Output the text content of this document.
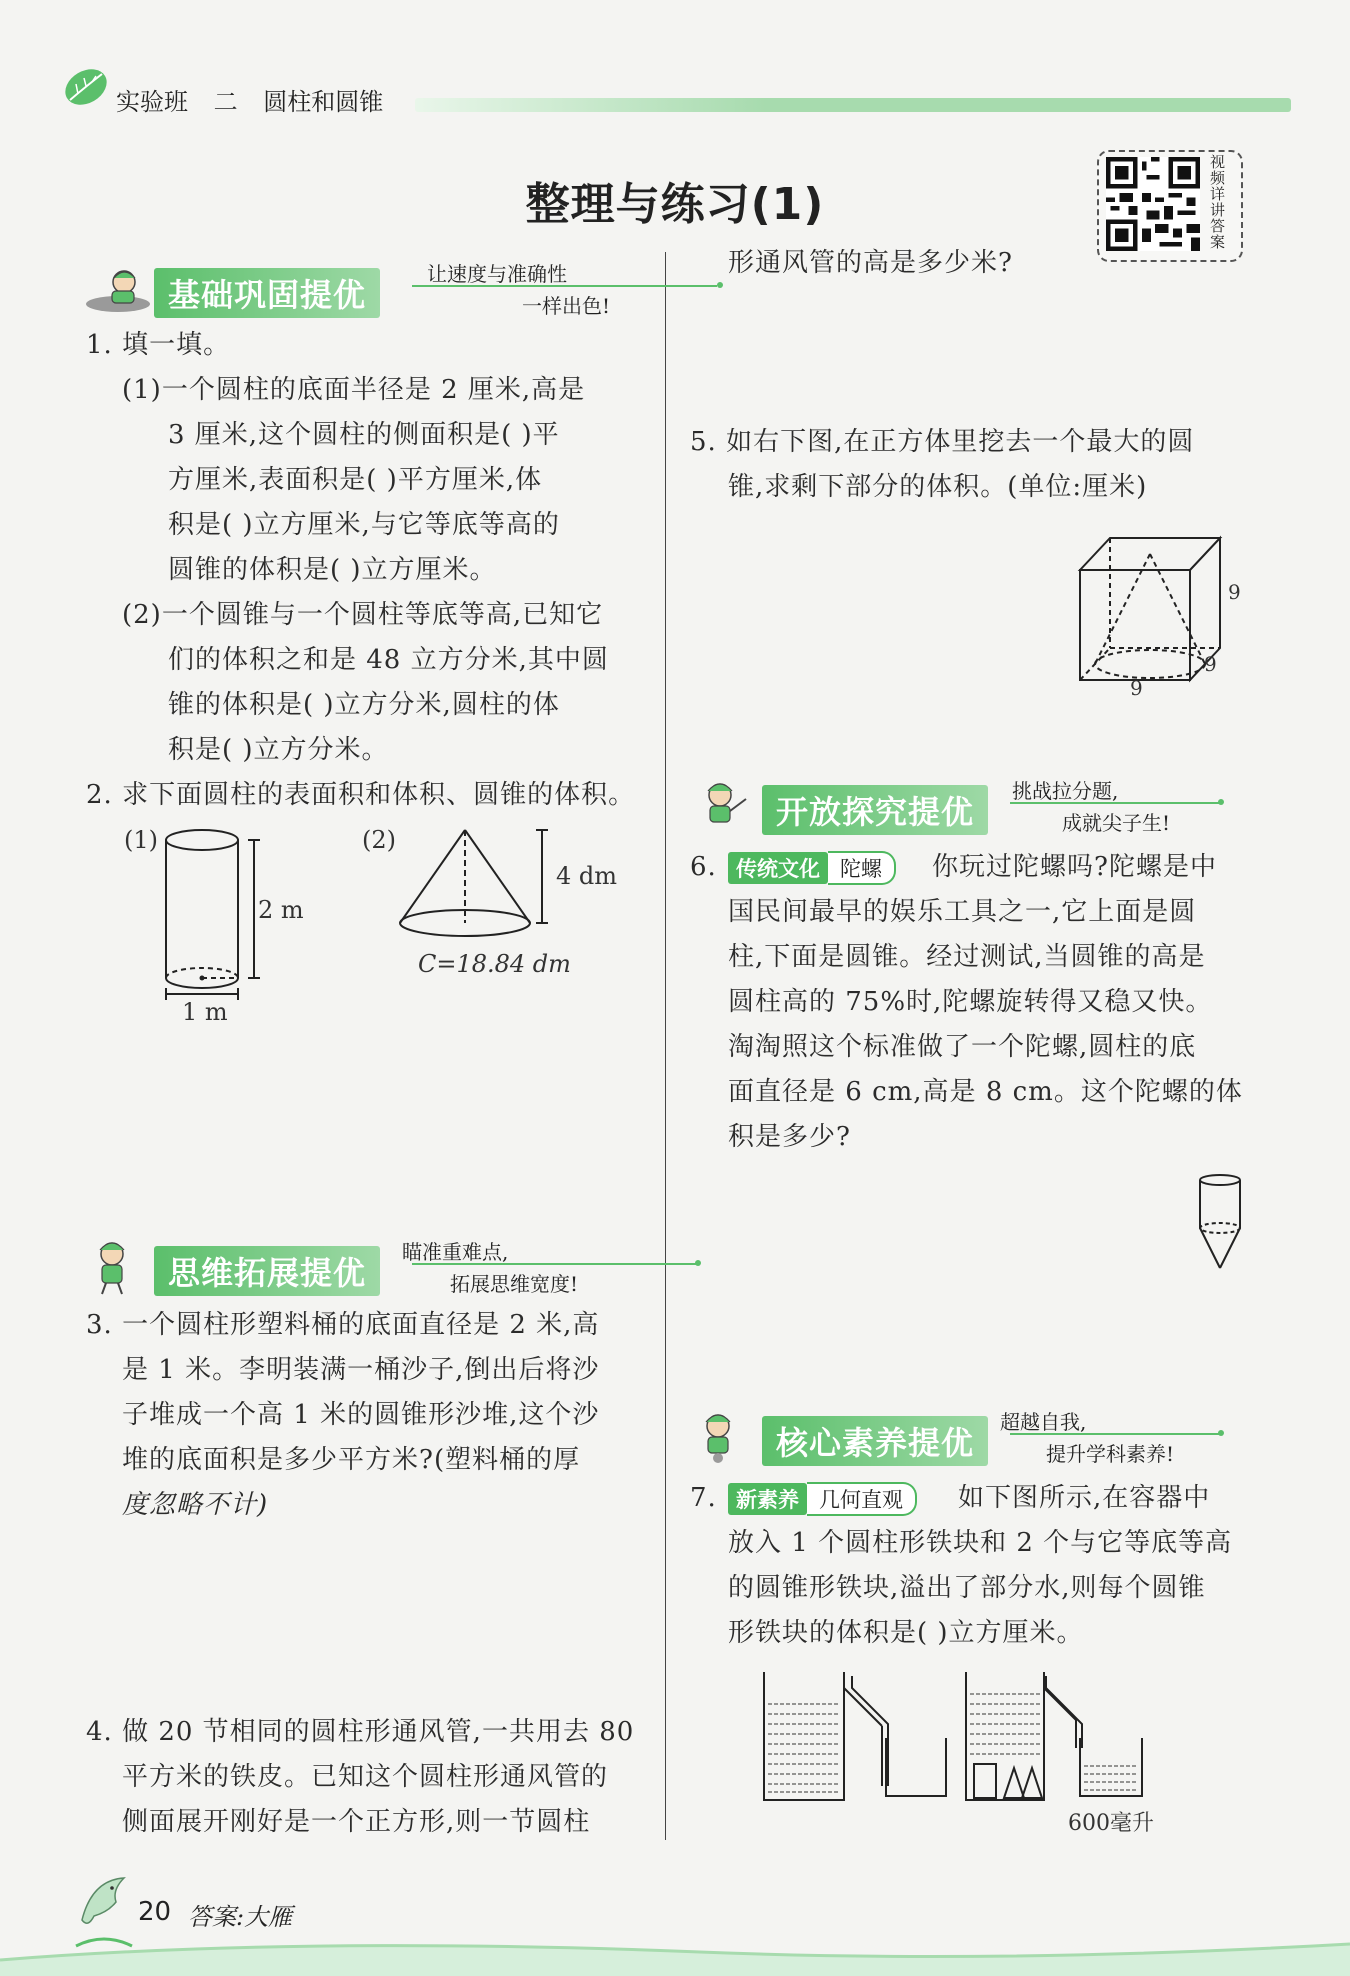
实验班 二 圆柱和圆锥
整理与练习(1)
视频详讲答案
基础巩固提优
让速度与准确性
一样出色!
1. 填一填。
(1)一个圆柱的底面半径是 2 厘米,高是
3 厘米,这个圆柱的侧面积是( )平
方厘米,表面积是( )平方厘米,体
积是( )立方厘米,与它等底等高的
圆锥的体积是( )立方厘米。
(2)一个圆锥与一个圆柱等底等高,已知它
们的体积之和是 48 立方分米,其中圆
锥的体积是( )立方分米,圆柱的体
积是( )立方分米。
2. 求下面圆柱的表面积和体积、圆锥的体积。
(1)
2 m
1 m
(2)
4 dm
C=18.84 dm
思维拓展提优
瞄准重难点,
拓展思维宽度!
3. 一个圆柱形塑料桶的底面直径是 2 米,高
是 1 米。李明装满一桶沙子,倒出后将沙
子堆成一个高 1 米的圆锥形沙堆,这个沙
堆的底面积是多少平方米?(塑料桶的厚
度忽略不计)
4. 做 20 节相同的圆柱形通风管,一共用去 80
平方米的铁皮。已知这个圆柱形通风管的
侧面展开刚好是一个正方形,则一节圆柱
形通风管的高是多少米?
5. 如右下图,在正方体里挖去一个最大的圆
锥,求剩下部分的体积。(单位:厘米)
9
9
9
开放探究提优
挑战拉分题,
成就尖子生!
6. 传统文化 陀螺	你玩过陀螺吗?陀螺是中
国民间最早的娱乐工具之一,它上面是圆
柱,下面是圆锥。经过测试,当圆锥的高是
圆柱高的 75%时,陀螺旋转得又稳又快。
淘淘照这个标准做了一个陀螺,圆柱的底
面直径是 6 cm,高是 8 cm。这个陀螺的体
积是多少?
核心素养提优
超越自我,
提升学科素养!
7. 新素养 几何直观	如下图所示,在容器中
放入 1 个圆柱形铁块和 2 个与它等底等高
的圆锥形铁块,溢出了部分水,则每个圆锥
形铁块的体积是( )立方厘米。
600毫升
20 答案:大雁
